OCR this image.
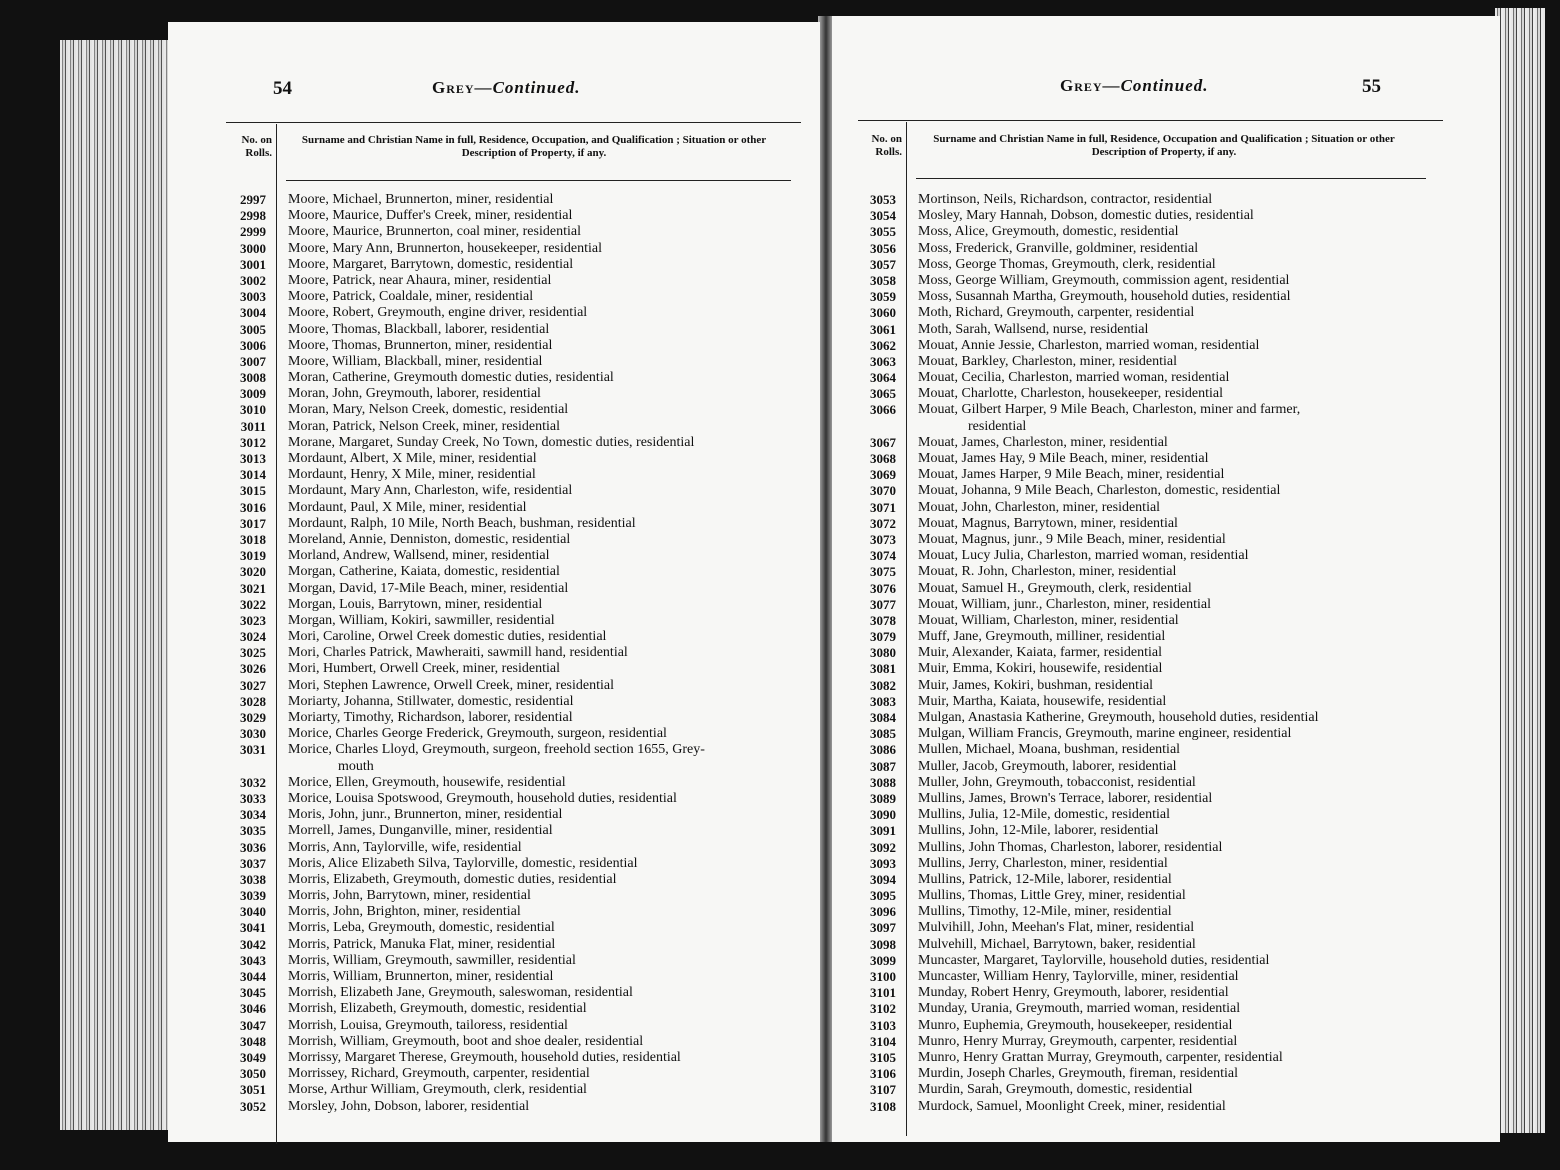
54	Grey—Continued.
No. on Rolls.
Surname and Christian Name in full, Residence, Occupation, and Qualification ; Situation or other Description of Property, if any.
2997 Moore, Michael, Brunnerton, miner, residential
2998 Moore, Maurice, Duffer's Creek, miner, residential
2999 Moore, Maurice, Brunnerton, coal miner, residential
3000 Moore, Mary Ann, Brunnerton, housekeeper, residential
3001 Moore, Margaret, Barrytown, domestic, residential
3002 Moore, Patrick, near Ahaura, miner, residential
3003 Moore, Patrick, Coaldale, miner, residential
3004 Moore, Robert, Greymouth, engine driver, residential
3005 Moore, Thomas, Blackball, laborer, residential
3006 Moore, Thomas, Brunnerton, miner, residential
3007 Moore, William, Blackball, miner, residential
3008 Moran, Catherine, Greymouth domestic duties, residential
3009 Moran, John, Greymouth, laborer, residential
3010 Moran, Mary, Nelson Creek, domestic, residential
3011 Moran, Patrick, Nelson Creek, miner, residential
3012 Morane, Margaret, Sunday Creek, No Town, domestic duties, residential
3013 Mordaunt, Albert, X Mile, miner, residential
3014 Mordaunt, Henry, X Mile, miner, residential
3015 Mordaunt, Mary Ann, Charleston, wife, residential
3016 Mordaunt, Paul, X Mile, miner, residential
3017 Mordaunt, Ralph, 10 Mile, North Beach, bushman, residential
3018 Moreland, Annie, Denniston, domestic, residential
3019 Morland, Andrew, Wallsend, miner, residential
3020 Morgan, Catherine, Kaiata, domestic, residential
3021 Morgan, David, 17-Mile Beach, miner, residential
3022 Morgan, Louis, Barrytown, miner, residential
3023 Morgan, William, Kokiri, sawmiller, residential
3024 Mori, Caroline, Orwel Creek domestic duties, residential
3025 Mori, Charles Patrick, Mawheraiti, sawmill hand, residential
3026 Mori, Humbert, Orwell Creek, miner, residential
3027 Mori, Stephen Lawrence, Orwell Creek, miner, residential
3028 Moriarty, Johanna, Stillwater, domestic, residential
3029 Moriarty, Timothy, Richardson, laborer, residential
3030 Morice, Charles George Frederick, Greymouth, surgeon, residential
3031 Morice, Charles Lloyd, Greymouth, surgeon, freehold section 1655, Grey-
mouth
3032 Morice, Ellen, Greymouth, housewife, residential
3033 Morice, Louisa Spotswood, Greymouth, household duties, residential
3034 Moris, John, junr., Brunnerton, miner, residential
3035 Morrell, James, Dunganville, miner, residential
3036 Morris, Ann, Taylorville, wife, residential
3037 Moris, Alice Elizabeth Silva, Taylorville, domestic, residential
3038 Morris, Elizabeth, Greymouth, domestic duties, residential
3039 Morris, John, Barrytown, miner, residential
3040 Morris, John, Brighton, miner, residential
3041 Morris, Leba, Greymouth, domestic, residential
3042 Morris, Patrick, Manuka Flat, miner, residential
3043 Morris, William, Greymouth, sawmiller, residential
3044 Morris, William, Brunnerton, miner, residential
3045 Morrish, Elizabeth Jane, Greymouth, saleswoman, residential
3046 Morrish, Elizabeth, Greymouth, domestic, residential
3047 Morrish, Louisa, Greymouth, tailoress, residential
3048 Morrish, William, Greymouth, boot and shoe dealer, residential
3049 Morrissy, Margaret Therese, Greymouth, household duties, residential
3050 Morrissey, Richard, Greymouth, carpenter, residential
3051 Morse, Arthur William, Greymouth, clerk, residential
3052 Morsley, John, Dobson, laborer, residential
Grey—Continued.	55
No. on Rolls.
Surname and Christian Name in full, Residence, Occupation and Qualification ; Situation or other Description of Property, if any.
3053 Mortinson, Neils, Richardson, contractor, residential
3054 Mosley, Mary Hannah, Dobson, domestic duties, residential
3055 Moss, Alice, Greymouth, domestic, residential
3056 Moss, Frederick, Granville, goldminer, residential
3057 Moss, George Thomas, Greymouth, clerk, residential
3058 Moss, George William, Greymouth, commission agent, residential
3059 Moss, Susannah Martha, Greymouth, household duties, residential
3060 Moth, Richard, Greymouth, carpenter, residential
3061 Moth, Sarah, Wallsend, nurse, residential
3062 Mouat, Annie Jessie, Charleston, married woman, residential
3063 Mouat, Barkley, Charleston, miner, residential
3064 Mouat, Cecilia, Charleston, married woman, residential
3065 Mouat, Charlotte, Charleston, housekeeper, residential
3066 Mouat, Gilbert Harper, 9 Mile Beach, Charleston, miner and farmer,
residential
3067 Mouat, James, Charleston, miner, residential
3068 Mouat, James Hay, 9 Mile Beach, miner, residential
3069 Mouat, James Harper, 9 Mile Beach, miner, residential
3070 Mouat, Johanna, 9 Mile Beach, Charleston, domestic, residential
3071 Mouat, John, Charleston, miner, residential
3072 Mouat, Magnus, Barrytown, miner, residential
3073 Mouat, Magnus, junr., 9 Mile Beach, miner, residential
3074 Mouat, Lucy Julia, Charleston, married woman, residential
3075 Mouat, R. John, Charleston, miner, residential
3076 Mouat, Samuel H., Greymouth, clerk, residential
3077 Mouat, William, junr., Charleston, miner, residential
3078 Mouat, William, Charleston, miner, residential
3079 Muff, Jane, Greymouth, milliner, residential
3080 Muir, Alexander, Kaiata, farmer, residential
3081 Muir, Emma, Kokiri, housewife, residential
3082 Muir, James, Kokiri, bushman, residential
3083 Muir, Martha, Kaiata, housewife, residential
3084 Mulgan, Anastasia Katherine, Greymouth, household duties, residential
3085 Mulgan, William Francis, Greymouth, marine engineer, residential
3086 Mullen, Michael, Moana, bushman, residential
3087 Muller, Jacob, Greymouth, laborer, residential
3088 Muller, John, Greymouth, tobacconist, residential
3089 Mullins, James, Brown's Terrace, laborer, residential
3090 Mullins, Julia, 12-Mile, domestic, residential
3091 Mullins, John, 12-Mile, laborer, residential
3092 Mullins, John Thomas, Charleston, laborer, residential
3093 Mullins, Jerry, Charleston, miner, residential
3094 Mullins, Patrick, 12-Mile, laborer, residential
3095 Mullins, Thomas, Little Grey, miner, residential
3096 Mullins, Timothy, 12-Mile, miner, residential
3097 Mulvihill, John, Meehan's Flat, miner, residential
3098 Mulvehill, Michael, Barrytown, baker, residential
3099 Muncaster, Margaret, Taylorville, household duties, residential
3100 Muncaster, William Henry, Taylorville, miner, residential
3101 Munday, Robert Henry, Greymouth, laborer, residential
3102 Munday, Urania, Greymouth, married woman, residential
3103 Munro, Euphemia, Greymouth, housekeeper, residential
3104 Munro, Henry Murray, Greymouth, carpenter, residential
3105 Munro, Henry Grattan Murray, Greymouth, carpenter, residential
3106 Murdin, Joseph Charles, Greymouth, fireman, residential
3107 Murdin, Sarah, Greymouth, domestic, residential
3108 Murdock, Samuel, Moonlight Creek, miner, residential
